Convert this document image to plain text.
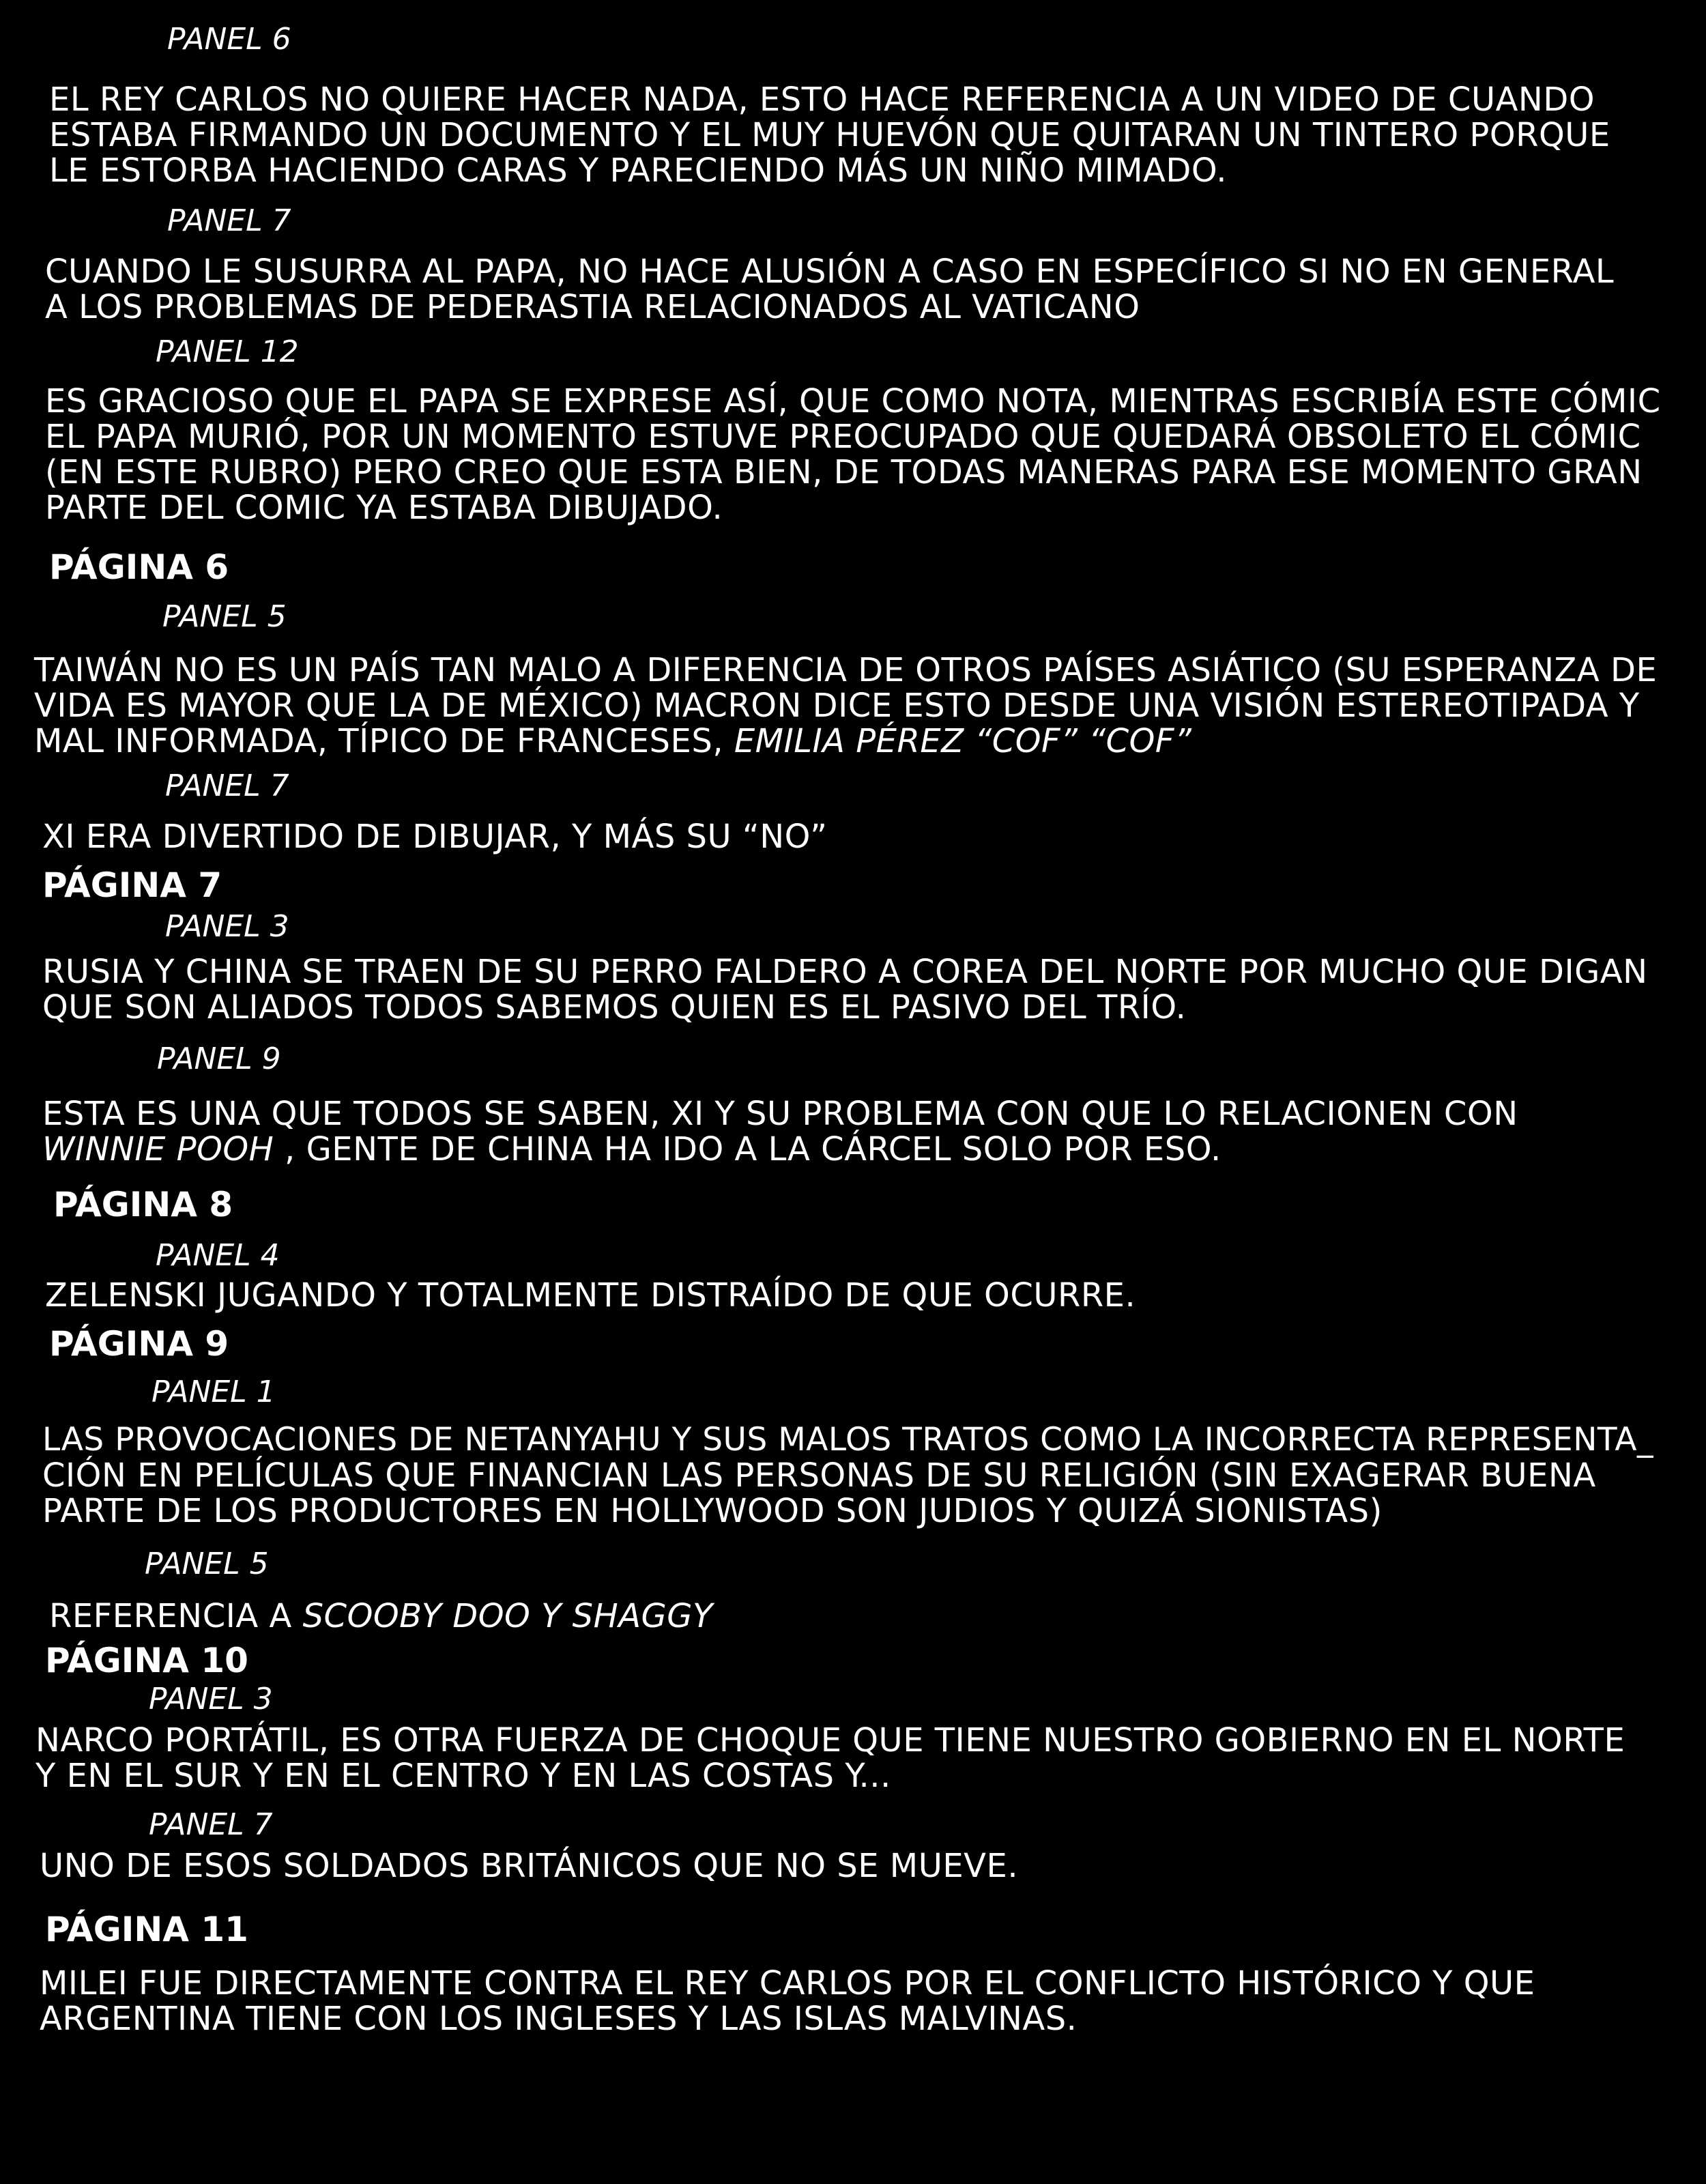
PANEL 6
EL REY CARLOS NO QUIERE HACER NADA, ESTO HACE REFERENCIA A UN VIDEO DE CUANDO
ESTABA FIRMANDO UN DOCUMENTO Y EL MUY HUEVÓN QUE QUITARAN UN TINTERO PORQUE
LE ESTORBA HACIENDO CARAS Y PARECIENDO MÁS UN NIÑO MIMADO.
PANEL 7
CUANDO LE SUSURRA AL PAPA, NO HACE ALUSIÓN A CASO EN ESPECÍFICO SI NO EN GENERAL
A LOS PROBLEMAS DE PEDERASTIA RELACIONADOS AL VATICANO
PANEL 12
ES GRACIOSO QUE EL PAPA SE EXPRESE ASÍ, QUE COMO NOTA, MIENTRAS ESCRIBÍA ESTE CÓMIC
EL PAPA MURIÓ, POR UN MOMENTO ESTUVE PREOCUPADO QUE QUEDARÁ OBSOLETO EL CÓMIC
(EN ESTE RUBRO) PERO CREO QUE ESTA BIEN, DE TODAS MANERAS PARA ESE MOMENTO GRAN
PARTE DEL COMIC YA ESTABA DIBUJADO.
PÁGINA 6
PANEL 5
TAIWÁN NO ES UN PAÍS TAN MALO A DIFERENCIA DE OTROS PAÍSES ASIÁTICO (SU ESPERANZA DE
VIDA ES MAYOR QUE LA DE MÉXICO) MACRON DICE ESTO DESDE UNA VISIÓN ESTEREOTIPADA Y
MAL INFORMADA, TÍPICO DE FRANCESES, EMILIA PÉREZ “COF” “COF”
PANEL 7
XI ERA DIVERTIDO DE DIBUJAR, Y MÁS SU “NO”
PÁGINA 7
PANEL 3
RUSIA Y CHINA SE TRAEN DE SU PERRO FALDERO A COREA DEL NORTE POR MUCHO QUE DIGAN
QUE SON ALIADOS TODOS SABEMOS QUIEN ES EL PASIVO DEL TRÍO.
PANEL 9
ESTA ES UNA QUE TODOS SE SABEN, XI Y SU PROBLEMA CON QUE LO RELACIONEN CON
WINNIE POOH , GENTE DE CHINA HA IDO A LA CÁRCEL SOLO POR ESO.
PÁGINA 8
PANEL 4
ZELENSKI JUGANDO Y TOTALMENTE DISTRAÍDO DE QUE OCURRE.
PÁGINA 9
PANEL 1
LAS PROVOCACIONES DE NETANYAHU Y SUS MALOS TRATOS COMO LA INCORRECTA REPRESENTA_
CIÓN EN PELÍCULAS QUE FINANCIAN LAS PERSONAS DE SU RELIGIÓN (SIN EXAGERAR BUENA
PARTE DE LOS PRODUCTORES EN HOLLYWOOD SON JUDIOS Y QUIZÁ SIONISTAS)
PANEL 5
REFERENCIA A SCOOBY DOO Y SHAGGY
PÁGINA 10
PANEL 3
NARCO PORTÁTIL, ES OTRA FUERZA DE CHOQUE QUE TIENE NUESTRO GOBIERNO EN EL NORTE
Y EN EL SUR Y EN EL CENTRO Y EN LAS COSTAS Y...
PANEL 7
UNO DE ESOS SOLDADOS BRITÁNICOS QUE NO SE MUEVE.
PÁGINA 11
MILEI FUE DIRECTAMENTE CONTRA EL REY CARLOS POR EL CONFLICTO HISTÓRICO Y QUE
ARGENTINA TIENE CON LOS INGLESES Y LAS ISLAS MALVINAS.
